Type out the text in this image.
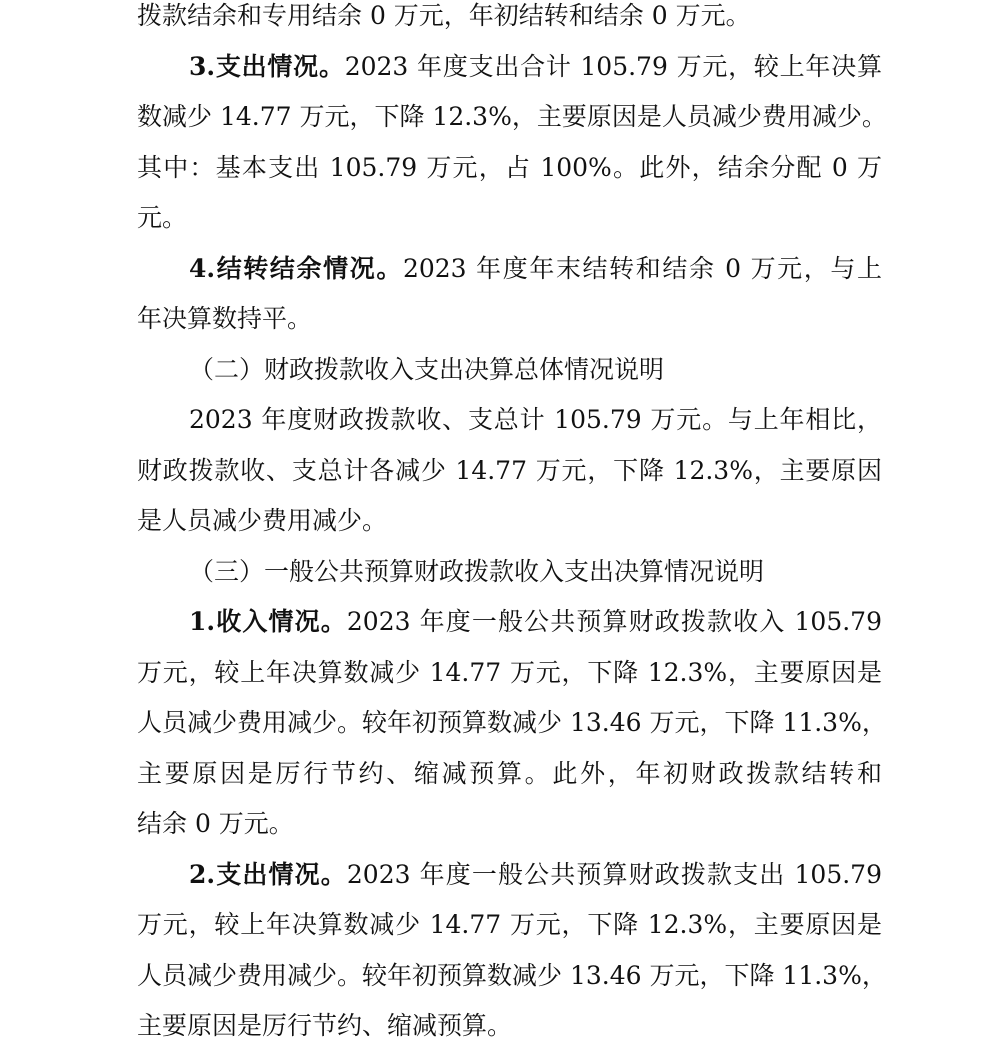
拨款结余和专用结余 0 万元，年初结转和结余 0 万元。
3.支出情况。2023 年度支出合计 105.79 万元，较上年决算
数减少 14.77 万元，下降 12.3%，主要原因是人员减少费用减少。
其中：基本支出 105.79 万元，占 100%。此外，结余分配 0 万
元。
4.结转结余情况。2023 年度年末结转和结余 0 万元，与上
年决算数持平。
（二）财政拨款收入支出决算总体情况说明
2023 年度财政拨款收、支总计 105.79 万元。与上年相比，
财政拨款收、支总计各减少 14.77 万元，下降 12.3%，主要原因
是人员减少费用减少。
（三）一般公共预算财政拨款收入支出决算情况说明
1.收入情况。2023 年度一般公共预算财政拨款收入 105.79
万元，较上年决算数减少 14.77 万元，下降 12.3%，主要原因是
人员减少费用减少。较年初预算数减少 13.46 万元，下降 11.3%，
主要原因是厉行节约、缩减预算。此外，年初财政拨款结转和
结余 0 万元。
2.支出情况。2023 年度一般公共预算财政拨款支出 105.79
万元，较上年决算数减少 14.77 万元，下降 12.3%，主要原因是
人员减少费用减少。较年初预算数减少 13.46 万元，下降 11.3%，
主要原因是厉行节约、缩减预算。
